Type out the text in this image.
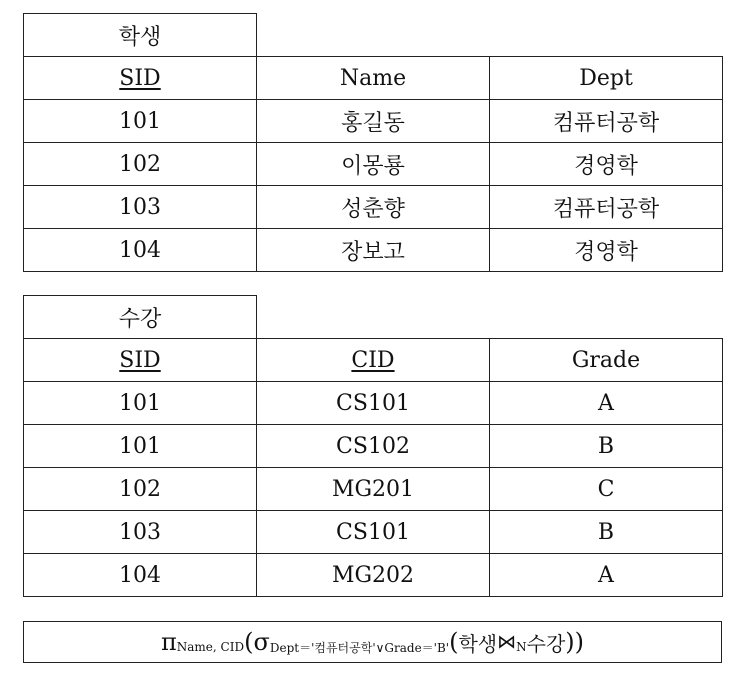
학생		
SID	Name	Dept
101	홍길동	컴퓨터공학
102	이몽룡	경영학
103	성춘향	컴퓨터공학
104	장보고	경영학
수강		
SID	CID	Grade
101	CS101	A
101	CS102	B
102	MG201	C
103	CS101	B
104	MG202	A
π Name, CID ( σ Dept＝' 컴퓨터공학 '∨Grade＝'B' ( 학생 ⋈ N 수강 ))
